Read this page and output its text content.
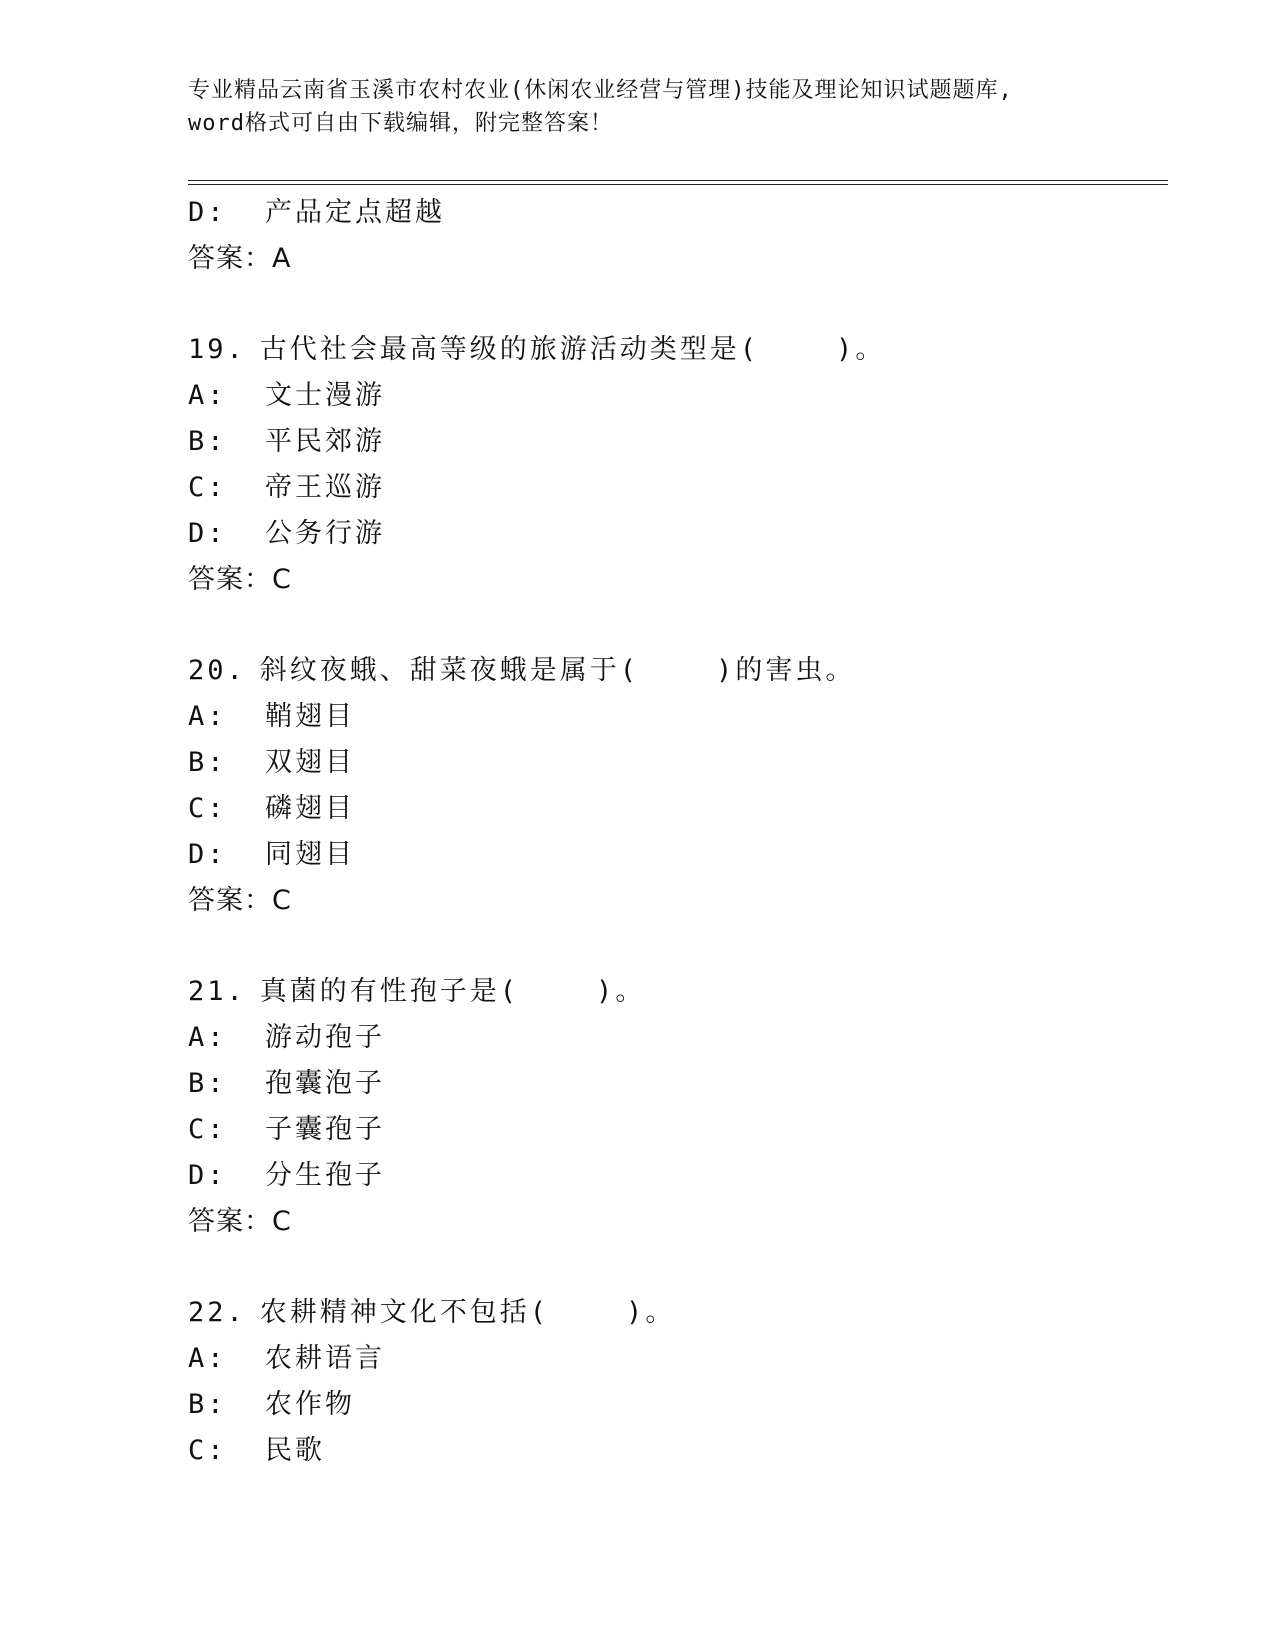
专业精品云南省玉溪市农村农业(休闲农业经营与管理)技能及理论知识试题题库,
word格式可自由下载编辑，附完整答案！
D:  产品定点超越
答案：A
19. 古代社会最高等级的旅游活动类型是(    )。
A:  文士漫游
B:  平民郊游
C:  帝王巡游
D:  公务行游
答案：C
20. 斜纹夜蛾、甜菜夜蛾是属于(    )的害虫。
A:  鞘翅目
B:  双翅目
C:  磷翅目
D:  同翅目
答案：C
21. 真菌的有性孢子是(    )。
A:  游动孢子
B:  孢囊泡子
C:  子囊孢子
D:  分生孢子
答案：C
22. 农耕精神文化不包括(    )。
A:  农耕语言
B:  农作物
C:  民歌
